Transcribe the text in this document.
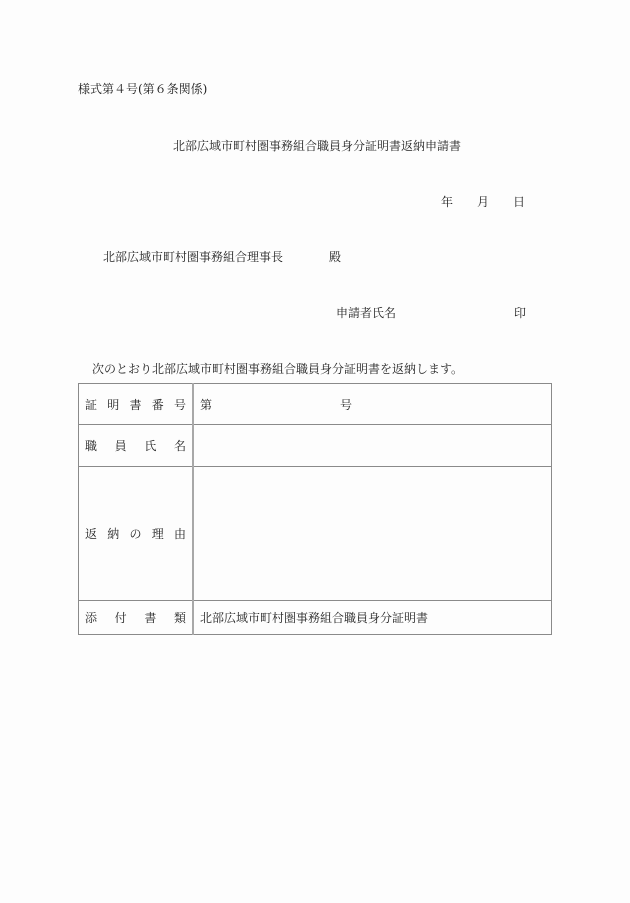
様式第４号(第６条関係)
北部広域市町村圏事務組合職員身分証明書返納申請書
年 月 日
北部広域市町村圏事務組合理事長	殿
申請者氏名	印
次のとおり北部広域市町村圏事務組合職員身分証明書を返納します。
証 明 書 番 号	第 号

職 員 氏 名	

返 納 の 理 由	

添 付 書 類	北部広域市町村圏事務組合職員身分証明書
